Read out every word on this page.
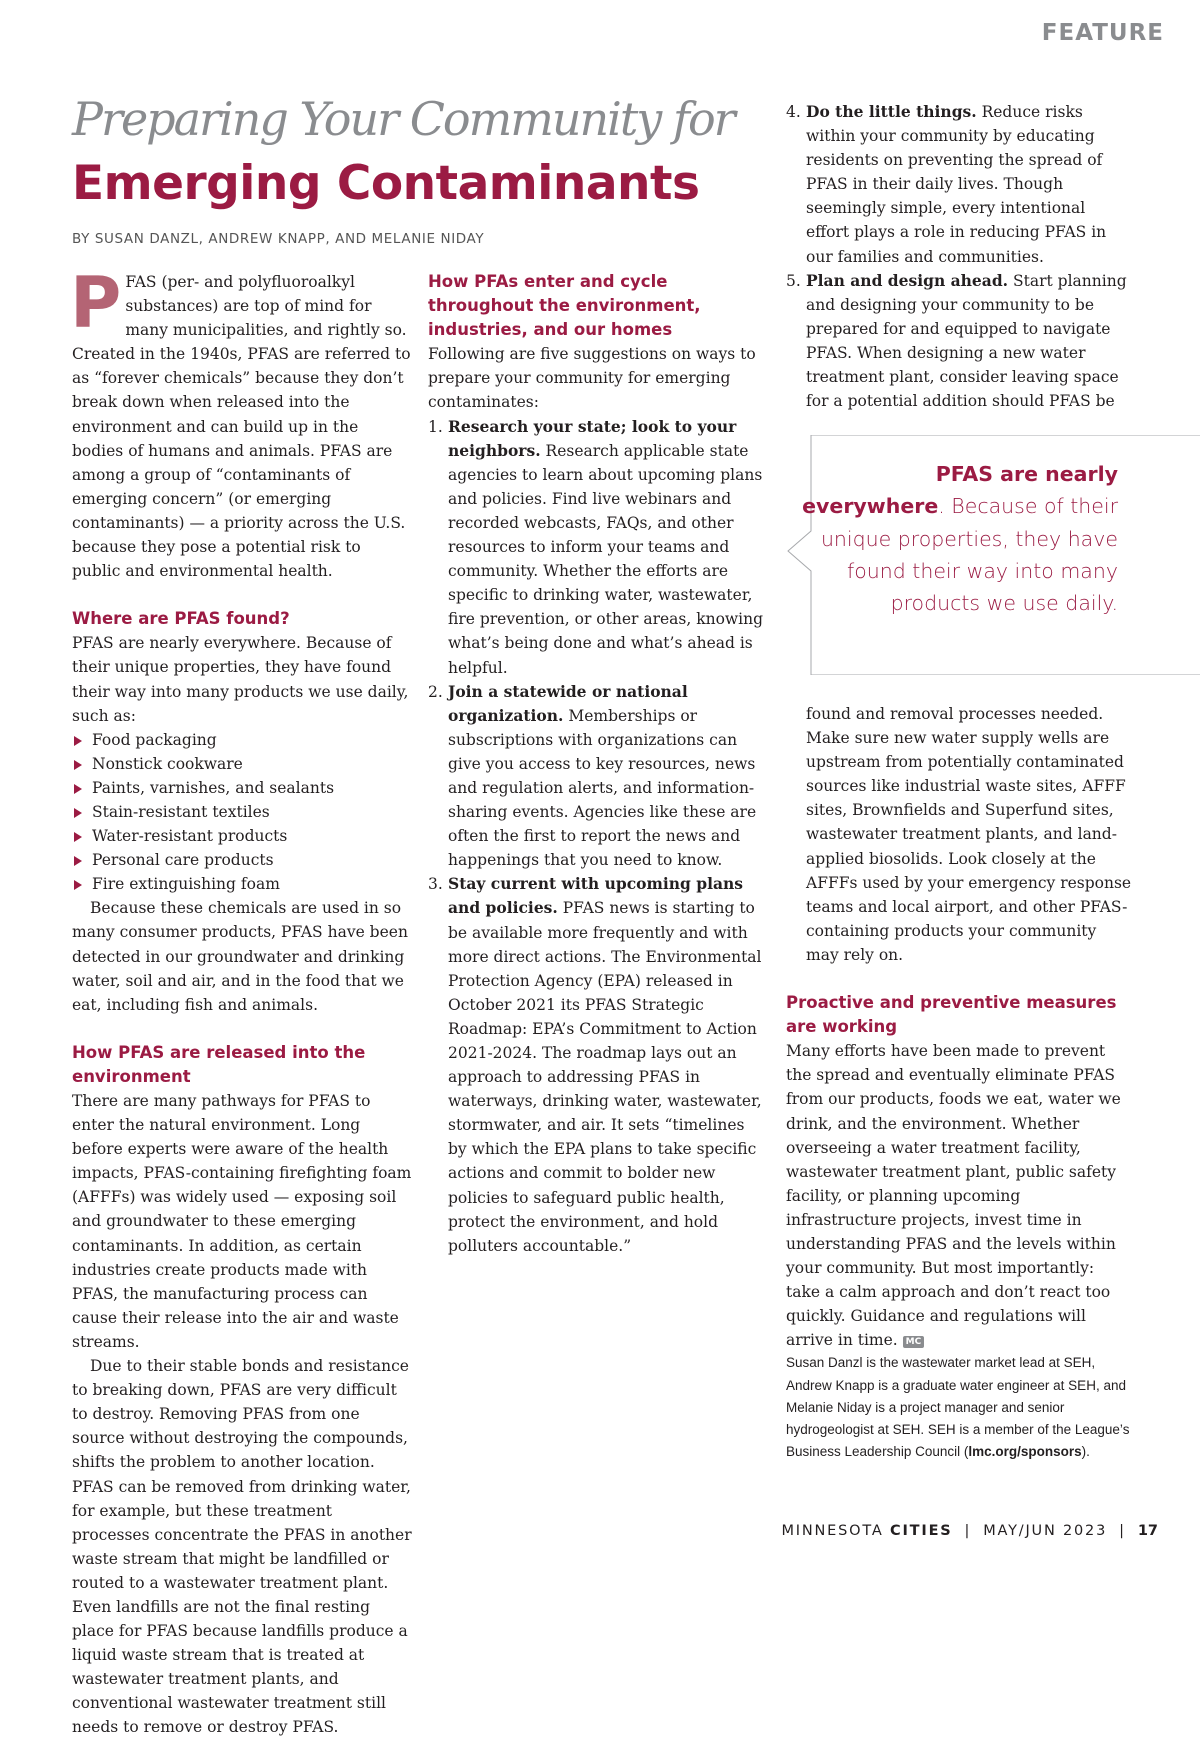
FEATURE
Preparing Your Community for
Emerging Contaminants
BY SUSAN DANZL, ANDREW KNAPP, AND MELANIE NIDAY

PFAS (per- and polyfluoroalkyl substances) are top of mind for many municipalities, and rightly so. Created in the 1940s, PFAS are referred to as “forever chemicals” because they don’t break down when released into the environment and can build up in the bodies of humans and animals. PFAS are among a group of “contaminants of emerging concern” (or emerging contaminants) — a priority across the U.S. because they pose a potential risk to public and environmental health.

Where are PFAS found?

PFAS are nearly everywhere. Because of their unique properties, they have found their way into many products we use daily, such as:

Food packaging
Nonstick cookware
Paints, varnishes, and sealants
Stain-resistant textiles
Water-resistant products
Personal care products
Fire extinguishing foam

Because these chemicals are used in so many consumer products, PFAS have been detected in our groundwater and drinking water, soil and air, and in the food that we eat, including fish and animals.

How PFAS are released into the environment

There are many pathways for PFAS to enter the natural environment. Long before experts were aware of the health impacts, PFAS-containing firefighting foam (AFFFs) was widely used — exposing soil and groundwater to these emerging contaminants. In addition, as certain industries create products made with PFAS, the manufacturing process can cause their release into the air and waste streams.

Due to their stable bonds and resistance to breaking down, PFAS are very difficult to destroy. Removing PFAS from one source without destroying the compounds, shifts the problem to another location. PFAS can be removed from drinking water, for example, but these treatment processes concentrate the PFAS in another waste stream that might be landfilled or routed to a wastewater treatment plant. Even landfills are not the final resting place for PFAS because landfills produce a liquid waste stream that is treated at wastewater treatment plants, and conventional wastewater treatment still needs to remove or destroy PFAS.

How PFAs enter and cycle throughout the environment, industries, and our homes

Following are five suggestions on ways to prepare your community for emerging contaminates:

1. Research your state; look to your neighbors. Research applicable state agencies to learn about upcoming plans and policies. Find live webinars and recorded webcasts, FAQs, and other resources to inform your teams and community. Whether the efforts are specific to drinking water, wastewater, fire prevention, or other areas, knowing what’s being done and what’s ahead is helpful.
2. Join a statewide or national organization. Memberships or subscriptions with organizations can give you access to key resources, news and regulation alerts, and information-sharing events. Agencies like these are often the first to report the news and happenings that you need to know.
3. Stay current with upcoming plans and policies. PFAS news is starting to be available more frequently and with more direct actions. The Environmental Protection Agency (EPA) released in October 2021 its PFAS Strategic Roadmap: EPA’s Commitment to Action 2021-2024. The roadmap lays out an approach to addressing PFAS in waterways, drinking water, wastewater, stormwater, and air. It sets “timelines by which the EPA plans to take specific actions and commit to bolder new policies to safeguard public health, protect the environment, and hold polluters accountable.”
4. Do the little things. Reduce risks within your community by educating residents on preventing the spread of PFAS in their daily lives. Though seemingly simple, every intentional effort plays a role in reducing PFAS in our families and communities.
5. Plan and design ahead. Start planning and designing your community to be prepared for and equipped to navigate PFAS. When designing a new water treatment plant, consider leaving space for a potential addition should PFAS be
PFAS are nearly everywhere. Because of their unique properties, they have found their way into many products we use daily.

found and removal processes needed. Make sure new water supply wells are upstream from potentially contaminated sources like industrial waste sites, AFFF sites, Brownfields and Superfund sites, wastewater treatment plants, and land-applied biosolids. Look closely at the AFFFs used by your emergency response teams and local airport, and other PFAS-containing products your community may rely on.

Proactive and preventive measures are working

Many efforts have been made to prevent the spread and eventually eliminate PFAS from our products, foods we eat, water we drink, and the environment. Whether overseeing a water treatment facility, wastewater treatment plant, public safety facility, or planning upcoming infrastructure projects, invest time in understanding PFAS and the levels within your community. But most importantly: take a calm approach and don’t react too quickly. Guidance and regulations will arrive in time. MC

Susan Danzl is the wastewater market lead at SEH, Andrew Knapp is a graduate water engineer at SEH, and Melanie Niday is a project manager and senior hydrogeologist at SEH. SEH is a member of the League’s Business Leadership Council (lmc.org/sponsors).

MINNESOTA CITIES | MAY/JUN 2023 | 17
